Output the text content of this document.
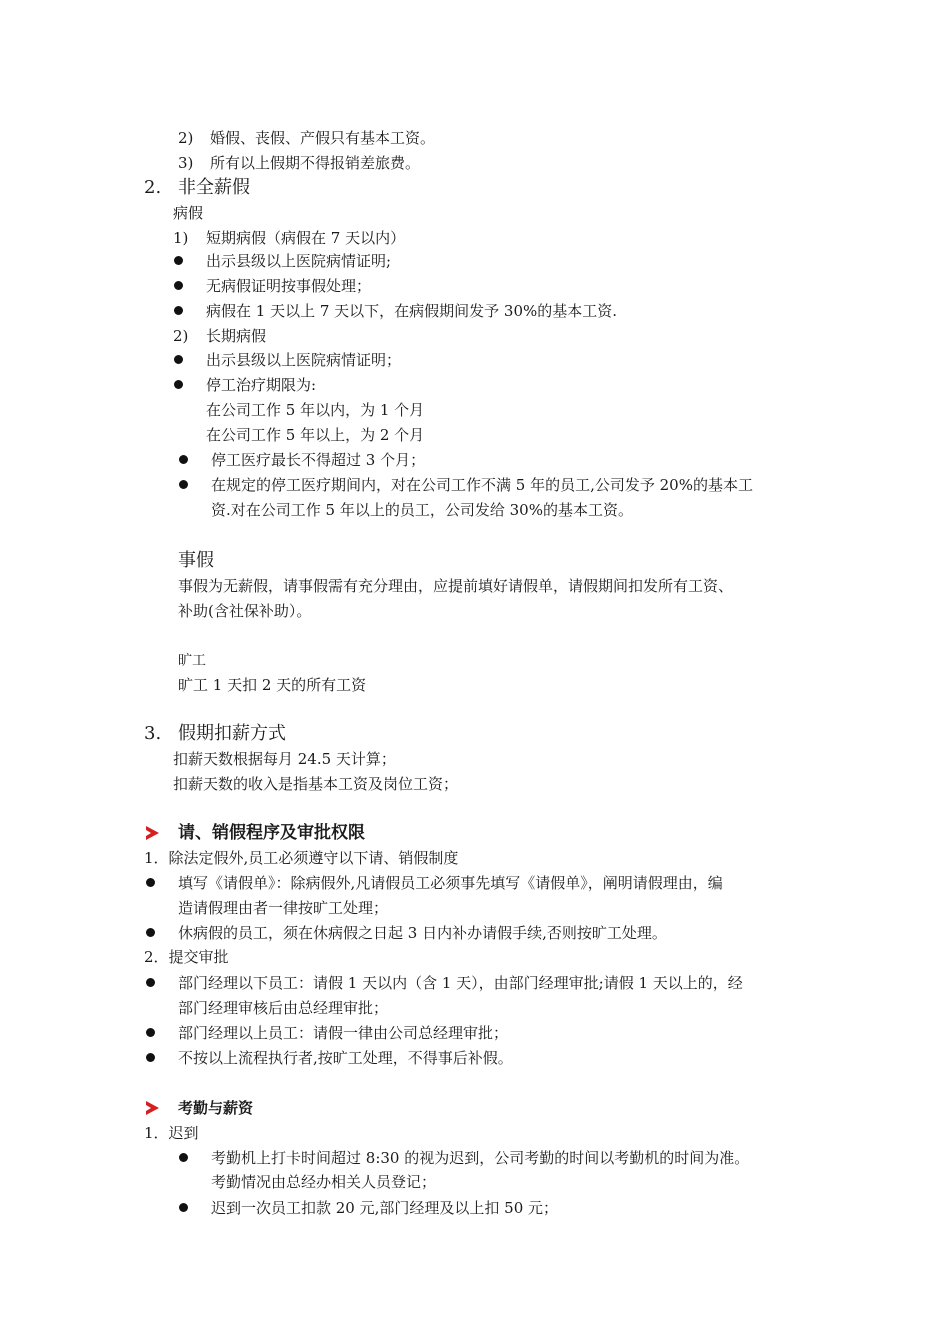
2) 婚假、丧假、产假只有基本工资。
3) 所有以上假期不得报销差旅费。
2. 非全薪假
病假
1) 短期病假（病假在 7 天以内）
出示县级以上医院病情证明;
无病假证明按事假处理；
病假在 1 天以上 7 天以下，在病假期间发予 30%的基本工资.
2) 长期病假
出示县级以上医院病情证明；
停工治疗期限为:
在公司工作 5 年以内，为 1 个月
在公司工作 5 年以上，为 2 个月
停工医疗最长不得超过 3 个月；
在规定的停工医疗期间内，对在公司工作不满 5 年的员工,公司发予 20%的基本工
资.对在公司工作 5 年以上的员工，公司发给 30%的基本工资。
事假
事假为无薪假，请事假需有充分理由，应提前填好请假单，请假期间扣发所有工资、
补助(含社保补助）。
旷工
旷工 1 天扣 2 天的所有工资
3. 假期扣薪方式
扣薪天数根据每月 24.5 天计算；
扣薪天数的收入是指基本工资及岗位工资；
请、销假程序及审批权限
1．除法定假外,员工必须遵守以下请、销假制度
填写《请假单》：除病假外,凡请假员工必须事先填写《请假单》，阐明请假理由，编
造请假理由者一律按旷工处理；
休病假的员工，须在休病假之日起 3 日内补办请假手续,否则按旷工处理。
2．提交审批
部门经理以下员工：请假 1 天以内（含 1 天），由部门经理审批;请假 1 天以上的，经
部门经理审核后由总经理审批；
部门经理以上员工：请假一律由公司总经理审批；
不按以上流程执行者,按旷工处理，不得事后补假。
考勤与薪资
1．迟到
考勤机上打卡时间超过 8:30 的视为迟到，公司考勤的时间以考勤机的时间为准。
考勤情况由总经办相关人员登记；
迟到一次员工扣款 20 元,部门经理及以上扣 50 元；
